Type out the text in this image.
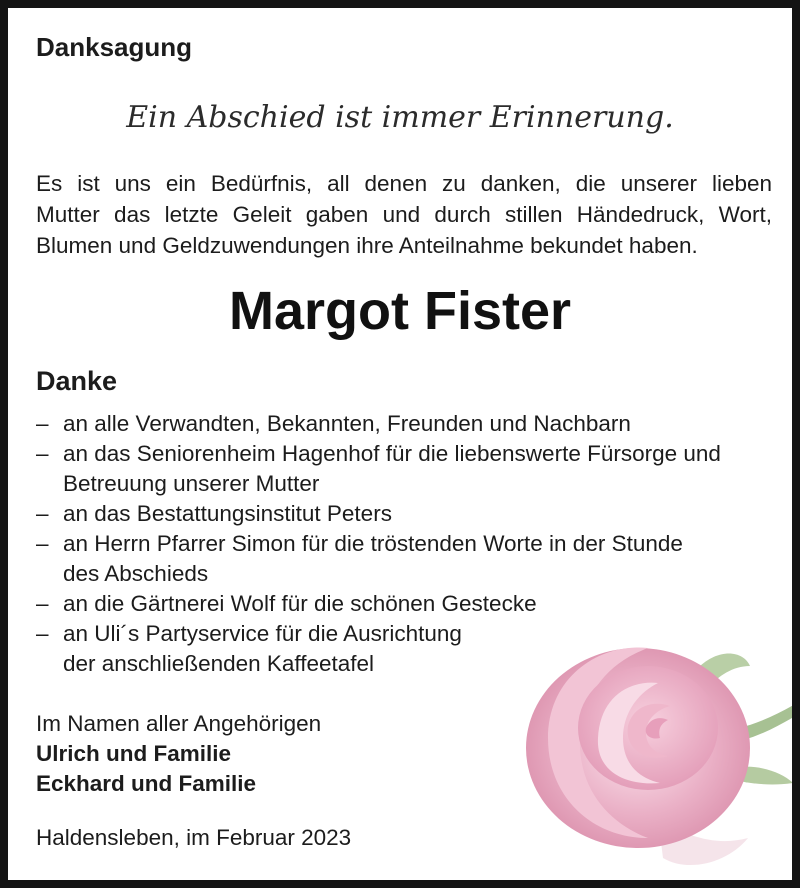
Danksagung
Ein Abschied ist immer Erinnerung.
Es ist uns ein Bedürfnis, all denen zu danken, die unserer lieben
Mutter das letzte Geleit gaben und durch stillen Händedruck, Wort,
Blumen und Geldzuwendungen ihre Anteilnahme bekundet haben.
Margot Fister
Danke
– an alle Verwandten, Bekannten, Freunden und Nachbarn
– an das Seniorenheim Hagenhof für die liebenswerte Fürsorge und
Betreuung unserer Mutter
– an das Bestattungsinstitut Peters
– an Herrn Pfarrer Simon für die tröstenden Worte in der Stunde
des Abschieds
– an die Gärtnerei Wolf für die schönen Gestecke
– an Uli´s Partyservice für die Ausrichtung
der anschließenden Kaffeetafel
Im Namen aller Angehörigen
Ulrich und Familie
Eckhard und Familie
Haldensleben, im Februar 2023
